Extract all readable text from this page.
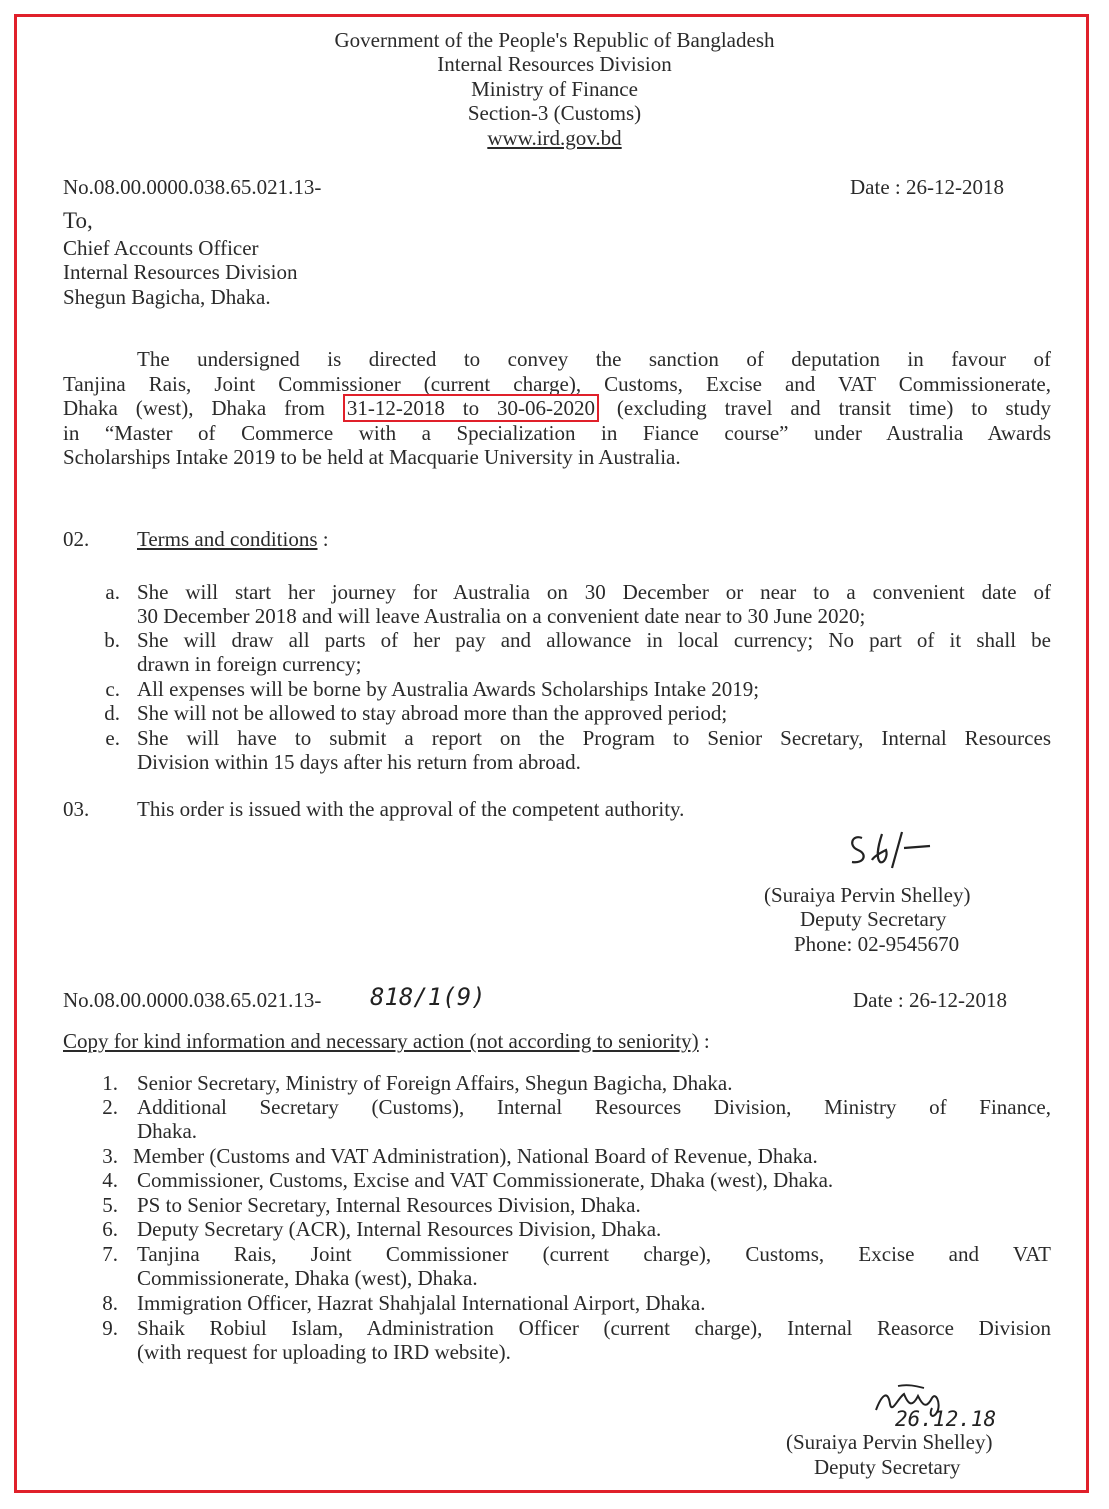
Government of the People's Republic of Bangladesh
Internal Resources Division
Ministry of Finance
Section-3 (Customs)
www.ird.gov.bd
No.08.00.0000.038.65.021.13-	Date : 26-12-2018
To,
Chief Accounts Officer
Internal Resources Division
Shegun Bagicha, Dhaka.
The undersigned is directed to convey the sanction of deputation in favour of
Tanjina Rais, Joint Commissioner (current charge), Customs, Excise and VAT Commissionerate,
Dhaka (west), Dhaka from 31-12-2018 to 30-06-2020 (excluding travel and transit time) to study
in “Master of Commerce with a Specialization in Fiance course” under Australia Awards
Scholarships Intake 2019 to be held at Macquarie University in Australia.
02. Terms and conditions :
a. She will start her journey for Australia on 30 December or near to a convenient date of
30 December 2018 and will leave Australia on a convenient date near to 30 June 2020;
b. She will draw all parts of her pay and allowance in local currency; No part of it shall be
drawn in foreign currency;
c. All expenses will be borne by Australia Awards Scholarships Intake 2019;
d. She will not be allowed to stay abroad more than the approved period;
e. She will have to submit a report on the Program to Senior Secretary, Internal Resources
Division within 15 days after his return from abroad.
03. This order is issued with the approval of the competent authority.
(Suraiya Pervin Shelley)
Deputy Secretary
Phone: 02-9545670
No.08.00.0000.038.65.021.13- 818/1(9)	Date : 26-12-2018
Copy for kind information and necessary action (not according to seniority) :
1. Senior Secretary, Ministry of Foreign Affairs, Shegun Bagicha, Dhaka.
2. Additional Secretary (Customs), Internal Resources Division, Ministry of Finance,
Dhaka.
3. Member (Customs and VAT Administration), National Board of Revenue, Dhaka.
4. Commissioner, Customs, Excise and VAT Commissionerate, Dhaka (west), Dhaka.
5. PS to Senior Secretary, Internal Resources Division, Dhaka.
6. Deputy Secretary (ACR), Internal Resources Division, Dhaka.
7. Tanjina Rais, Joint Commissioner (current charge), Customs, Excise and VAT
Commissionerate, Dhaka (west), Dhaka.
8. Immigration Officer, Hazrat Shahjalal International Airport, Dhaka.
9. Shaik Robiul Islam, Administration Officer (current charge), Internal Reasorce Division
(with request for uploading to IRD website).
26.12.18
(Suraiya Pervin Shelley)
Deputy Secretary
